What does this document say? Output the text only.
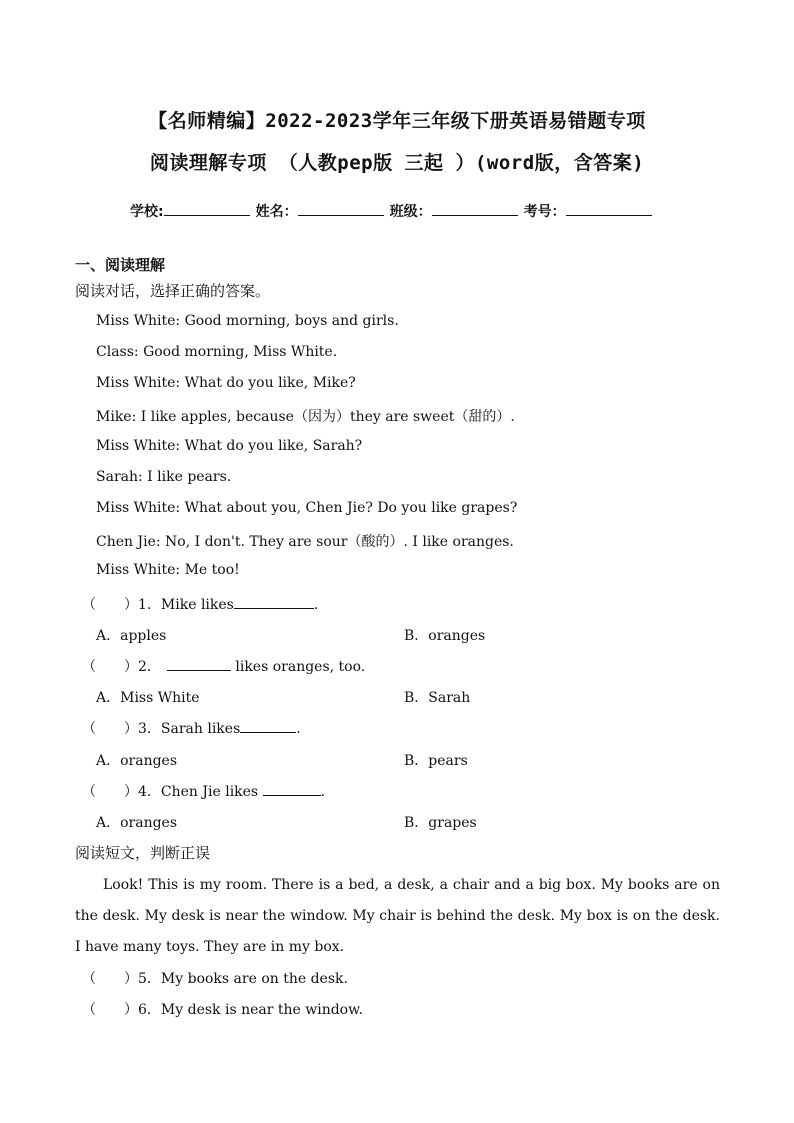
【名师精编】2022-2023学年三年级下册英语易错题专项
阅读理解专项 （人教pep版 三起 ）(word版，含答案)
学校:	姓名：	班级：	考号：
一、阅读理解
阅读对话，选择正确的答案。
Miss White: Good morning, boys and girls.
Class: Good morning, Miss White.
Miss White: What do you like, Mike?
Mike: I like apples, because（因为）they are sweet（甜的）.
Miss White: What do you like, Sarah?
Sarah: I like pears.
Miss White: What about you, Chen Jie? Do you like grapes?
Chen Jie: No, I don't. They are sour（酸的）. I like oranges.
Miss White: Me too!
（　　）1．Mike likes	.
A．apples	B．oranges
（　　）2．	likes oranges, too.
A．Miss White	B．Sarah
（　　）3．Sarah likes	.
A．oranges	B．pears
（　　）4．Chen Jie likes	.
A．oranges	B．grapes
阅读短文，判断正误
Look! This is my room. There is a bed, a desk, a chair and a big box. My books are on the desk. My desk is near the window. My chair is behind the desk. My box is on the desk. I have many toys. They are in my box.
（　　）5．My books are on the desk.
（　　）6．My desk is near the window.
